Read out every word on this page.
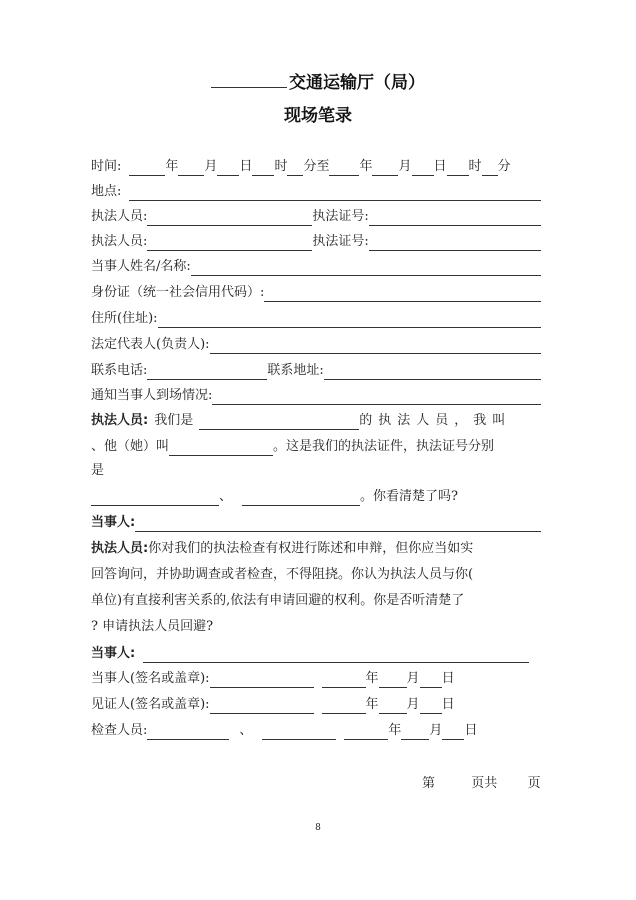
交通运输厅（局）
现场笔录
时间:	年 月 日 时 分至 年 月 日 时 分
地点:
执法人员:	执法证号:
执法人员:	执法证号:
当事人姓名/名称:
身份证（统一社会信用代码）:
住所(住址):
法定代表人(负责人):
联系电话:	联系地址:
通知当事人到场情况:
执法人员: 我们是	的执法人员，我叫
、他（她）叫	。这是我们的执法证件，执法证号分别
是
、	。你看清楚了吗?
当事人:
执法人员:你对我们的执法检查有权进行陈述和申辩，但你应当如实
回答询问，并协助调查或者检查，不得阻挠。你认为执法人员与你(
单位)有直接利害关系的,依法有申请回避的权利。你是否听清楚了
? 申请执法人员回避?
当事人:
当事人(签名或盖章):	年 月 日
见证人(签名或盖章):	年 月 日
检查人员:	、	年 月 日
第	页共 页
8
